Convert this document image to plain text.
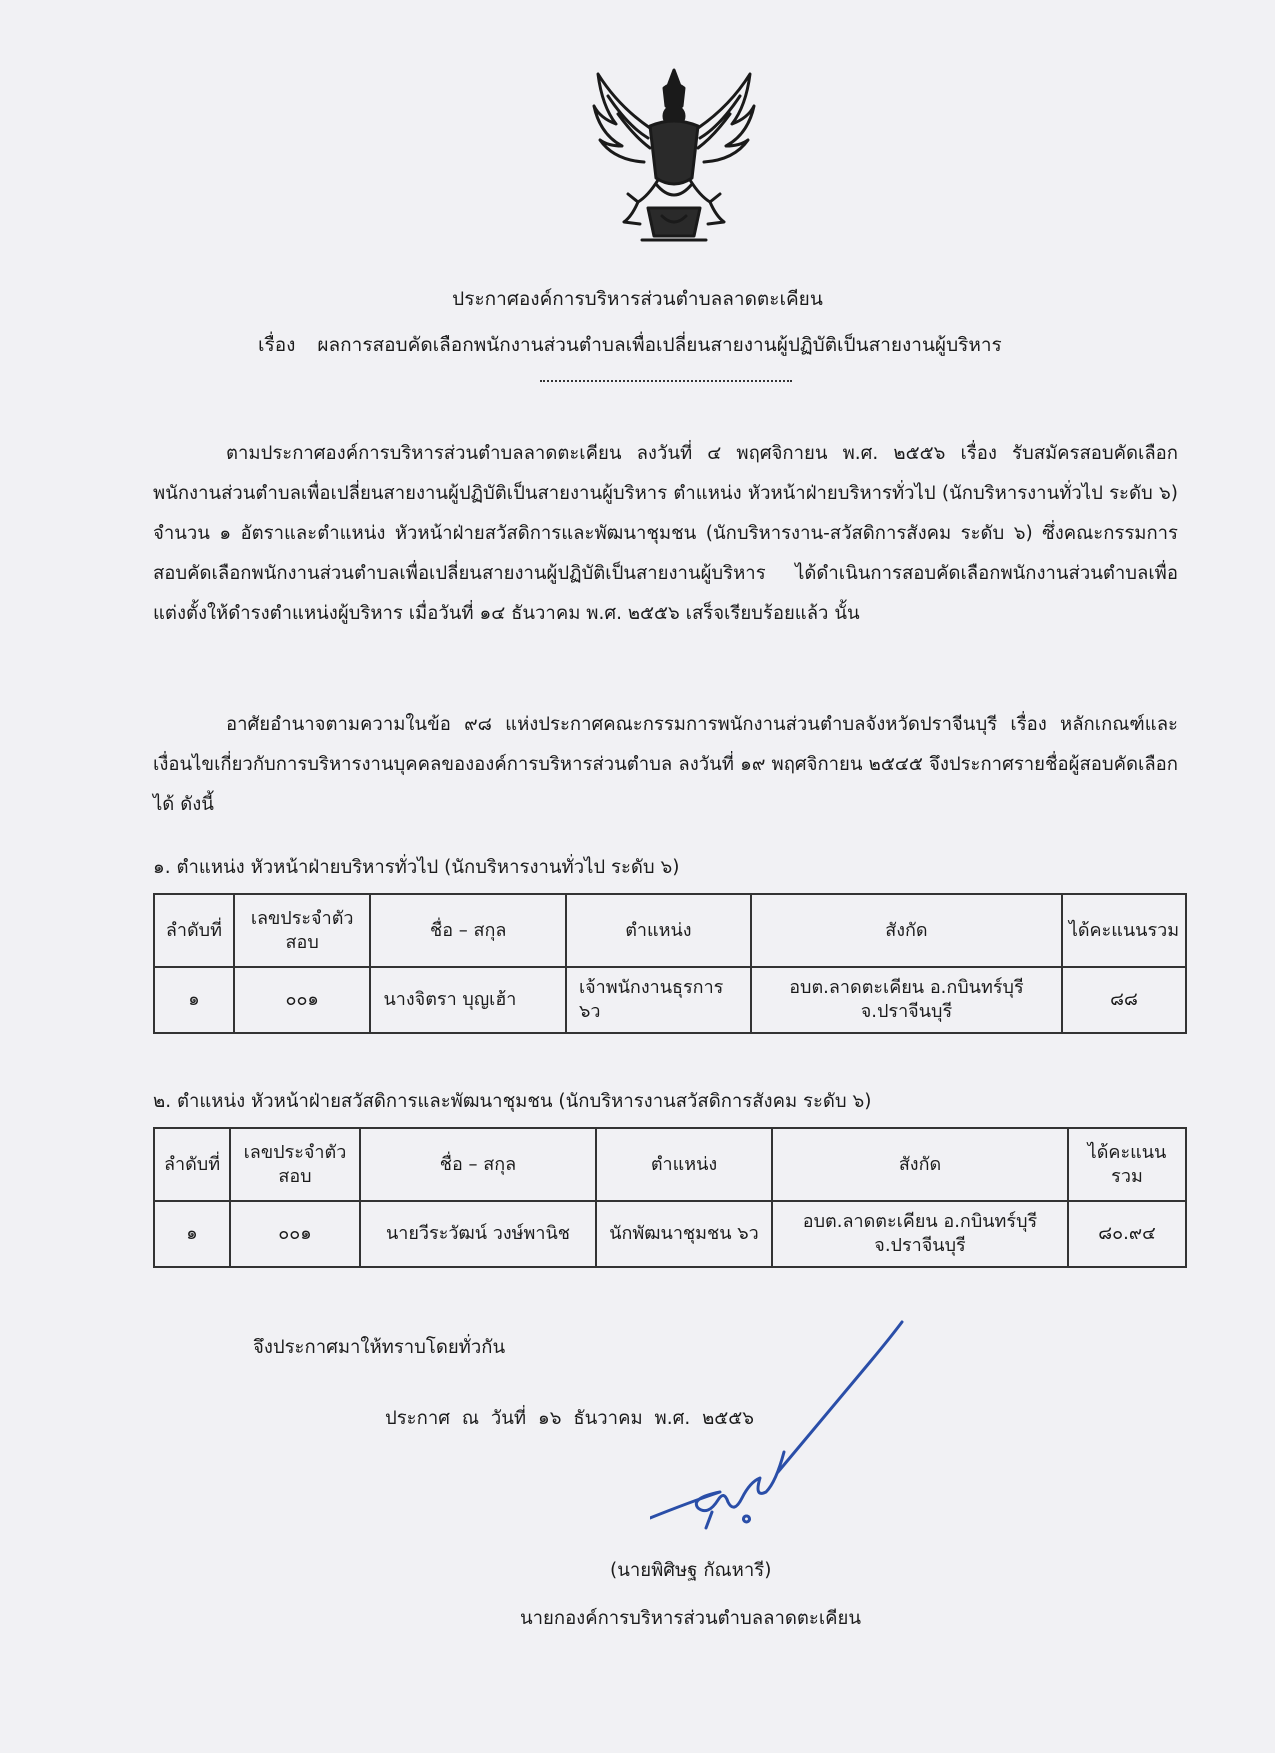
ประกาศองค์การบริหารส่วนตำบลลาดตะเคียน
เรื่อง ผลการสอบคัดเลือกพนักงานส่วนตำบลเพื่อเปลี่ยนสายงานผู้ปฏิบัติเป็นสายงานผู้บริหาร

ตามประกาศองค์การบริหารส่วนตำบลลาดตะเคียน ลงวันที่ ๔ พฤศจิกายน พ.ศ. ๒๕๕๖ เรื่อง รับสมัครสอบคัดเลือกพนักงานส่วนตำบลเพื่อเปลี่ยนสายงานผู้ปฏิบัติเป็นสายงานผู้บริหาร ตำแหน่ง หัวหน้าฝ่ายบริหารทั่วไป (นักบริหารงานทั่วไป ระดับ ๖) จำนวน ๑ อัตราและตำแหน่ง หัวหน้าฝ่ายสวัสดิการและพัฒนาชุมชน (นักบริหารงาน-สวัสดิการสังคม ระดับ ๖) ซึ่งคณะกรรมการสอบคัดเลือกพนักงานส่วนตำบลเพื่อเปลี่ยนสายงานผู้ปฏิบัติเป็นสายงานผู้บริหาร ได้ดำเนินการสอบคัดเลือกพนักงานส่วนตำบลเพื่อแต่งตั้งให้ดำรงตำแหน่งผู้บริหาร เมื่อวันที่ ๑๔ ธันวาคม พ.ศ. ๒๕๕๖ เสร็จเรียบร้อยแล้ว นั้น

อาศัยอำนาจตามความในข้อ ๙๘ แห่งประกาศคณะกรรมการพนักงานส่วนตำบลจังหวัดปราจีนบุรี เรื่อง หลักเกณฑ์และเงื่อนไขเกี่ยวกับการบริหารงานบุคคลขององค์การบริหารส่วนตำบล ลงวันที่ ๑๙ พฤศจิกายน ๒๕๔๕ จึงประกาศรายชื่อผู้สอบคัดเลือกได้ ดังนี้

๑. ตำแหน่ง หัวหน้าฝ่ายบริหารทั่วไป (นักบริหารงานทั่วไป ระดับ ๖)
ลำดับที่	เลขประจำตัวสอบ	ชื่อ – สกุล	ตำแหน่ง	สังกัด	ได้คะแนนรวม
๑	๐๐๑	นางจิตรา บุญเฮ้า	เจ้าพนักงานธุรการ ๖ว	อบต.ลาดตะเคียน อ.กบินทร์บุรี
จ.ปราจีนบุรี	๘๘
๒. ตำแหน่ง หัวหน้าฝ่ายสวัสดิการและพัฒนาชุมชน (นักบริหารงานสวัสดิการสังคม ระดับ ๖)
ลำดับที่	เลขประจำตัวสอบ	ชื่อ – สกุล	ตำแหน่ง	สังกัด	ได้คะแนนรวม
๑	๐๐๑	นายวีระวัฒน์ วงษ์พานิช	นักพัฒนาชุมชน ๖ว	อบต.ลาดตะเคียน อ.กบินทร์บุรี
จ.ปราจีนบุรี	๘๐.๙๔
จึงประกาศมาให้ทราบโดยทั่วกัน
ประกาศ ณ วันที่ ๑๖ ธันวาคม พ.ศ. ๒๕๕๖
(นายพิศิษฐ กัณหารี)
นายกองค์การบริหารส่วนตำบลลาดตะเคียน
